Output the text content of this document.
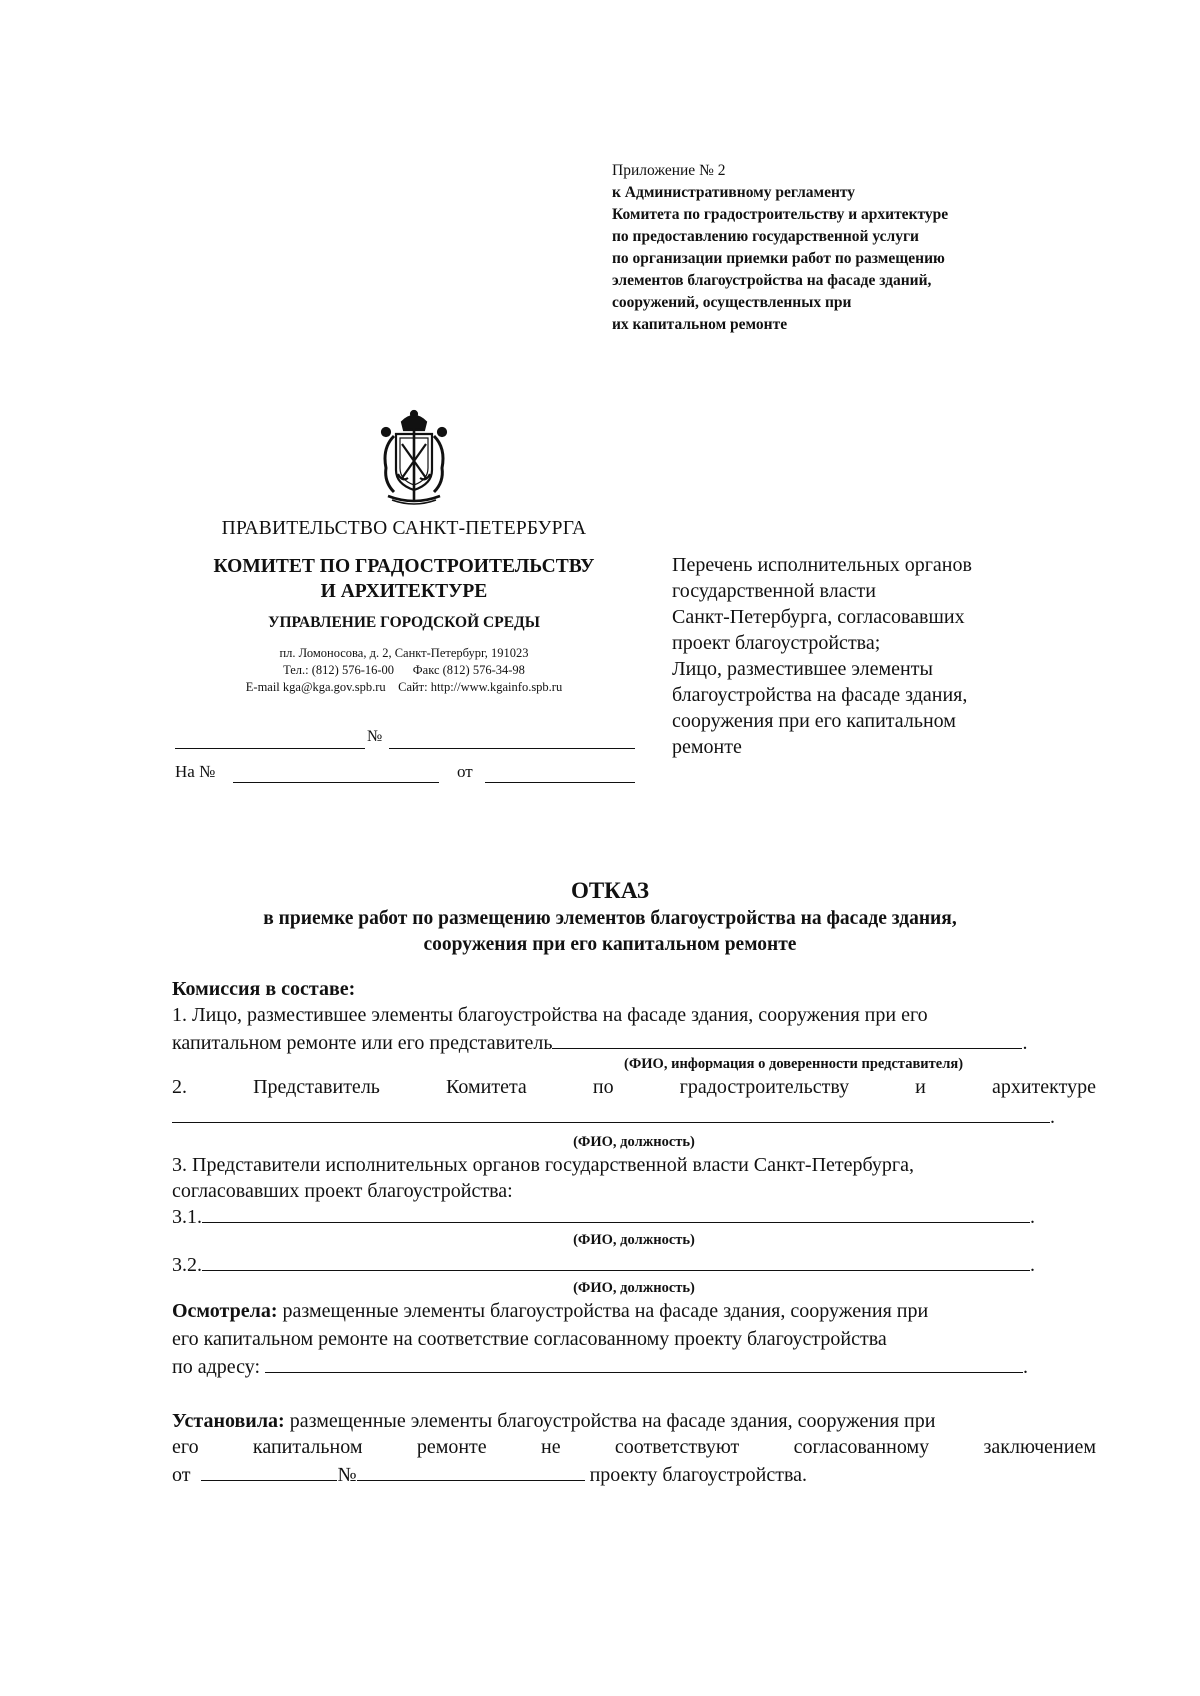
Приложение № 2
к Административному регламенту
Комитета по градостроительству и архитектуре
по предоставлению государственной услуги
по организации приемки работ по размещению
элементов благоустройства на фасаде зданий,
сооружений, осуществленных при
их капитальном ремонте
ПРАВИТЕЛЬСТВО САНКТ-ПЕТЕРБУРГА
КОМИТЕТ ПО ГРАДОСТРОИТЕЛЬСТВУ
И АРХИТЕКТУРЕ
УПРАВЛЕНИЕ ГОРОДСКОЙ СРЕДЫ
пл. Ломоносова, д. 2, Санкт-Петербург, 191023
Тел.: (812) 576-16-00 Факс (812) 576-34-98
E-mail kga@kga.gov.spb.ru Сайт: http://www.kgainfo.spb.ru
№
На №	от
Перечень исполнительных органов
государственной власти
Санкт-Петербурга, согласовавших
проект благоустройства;
Лицо, разместившее элементы
благоустройства на фасаде здания,
сооружения при его капитальном
ремонте
ОТКАЗ
в приемке работ по размещению элементов благоустройства на фасаде здания,
сооружения при его капитальном ремонте
Комиссия в составе:
1. Лицо, разместившее элементы благоустройства на фасаде здания, сооружения при его
капитальном ремонте или его представитель	.
(ФИО, информация о доверенности представителя)
2.	Представитель	Комитета	по	градостроительству	и	архитектуре
.
(ФИО, должность)
3. Представители исполнительных органов государственной власти Санкт-Петербурга,
согласовавших проект благоустройства:
3.1.	.
(ФИО, должность)
3.2.	.
(ФИО, должность)
Осмотрела: размещенные элементы благоустройства на фасаде здания, сооружения при
его капитальном ремонте на соответствие согласованному проекту благоустройства
по адресу:	.
Установила: размещенные элементы благоустройства на фасаде здания, сооружения при
его	капитальном	ремонте	не	соответствуют	согласованному	заключением
от	№	проекту благоустройства.
